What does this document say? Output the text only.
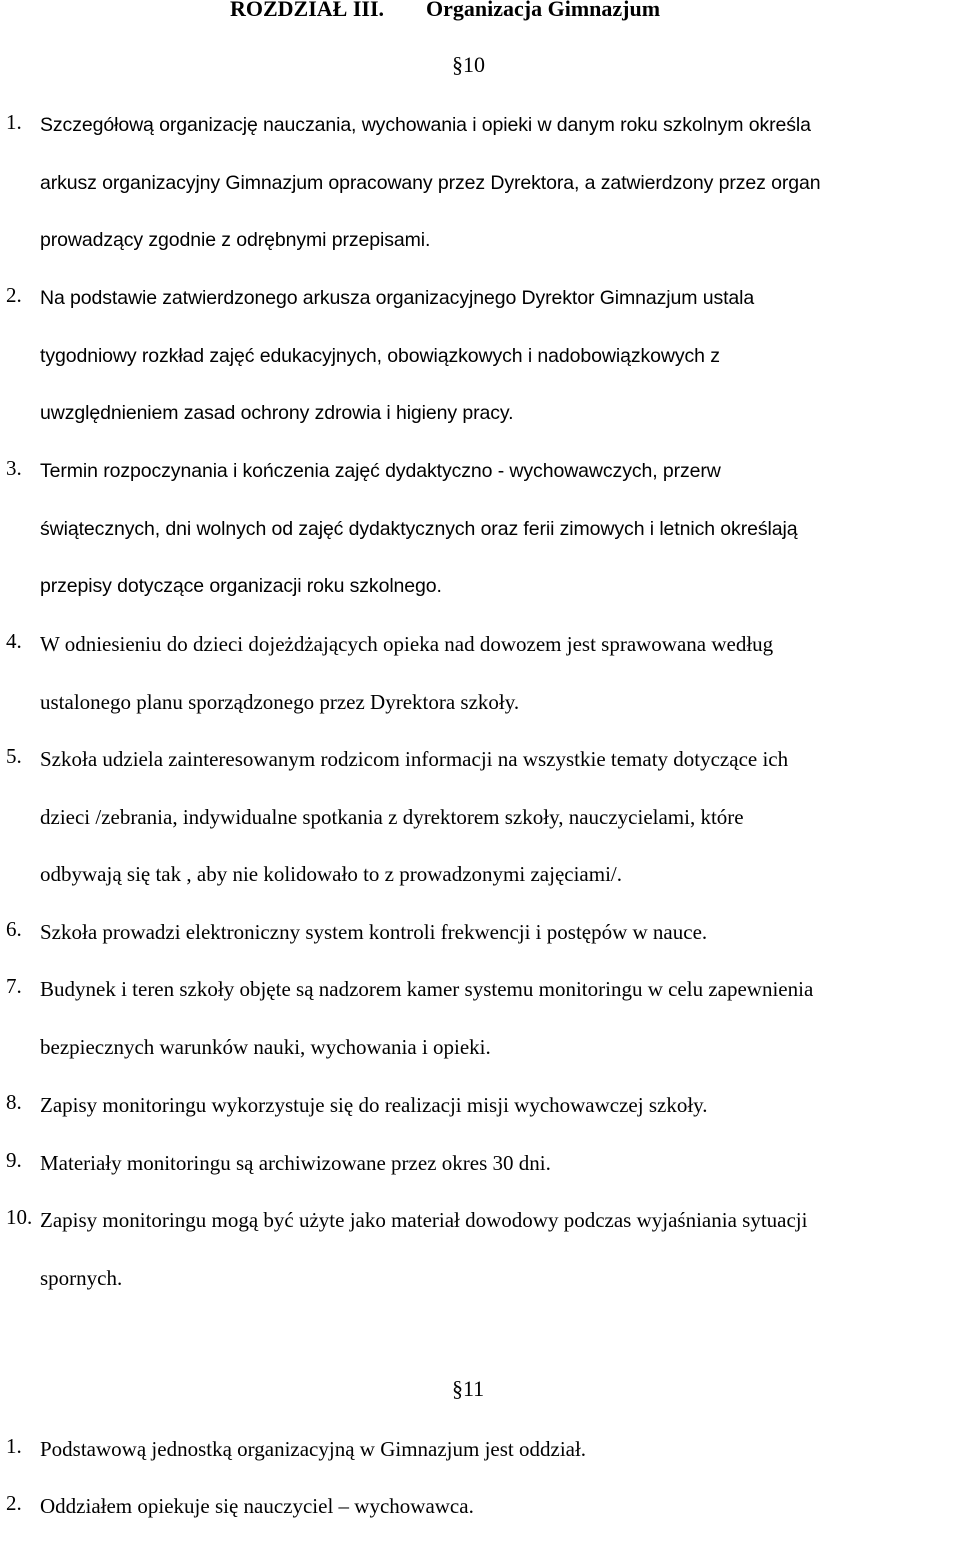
ROZDZIAŁ III. Organizacja Gimnazjum
§10
1. Szczegółową organizację nauczania, wychowania i opieki w danym roku szkolnym określa
arkusz organizacyjny Gimnazjum opracowany przez Dyrektora, a zatwierdzony przez organ
prowadzący zgodnie z odrębnymi przepisami.
2. Na podstawie zatwierdzonego arkusza organizacyjnego Dyrektor Gimnazjum ustala
tygodniowy rozkład zajęć edukacyjnych, obowiązkowych i nadobowiązkowych z
uwzględnieniem zasad ochrony zdrowia i higieny pracy.
3. Termin rozpoczynania i kończenia zajęć dydaktyczno - wychowawczych, przerw
świątecznych, dni wolnych od zajęć dydaktycznych oraz ferii zimowych i letnich określają
przepisy dotyczące organizacji roku szkolnego.
4. W odniesieniu do dzieci dojeżdżających opieka nad dowozem jest sprawowana według
ustalonego planu sporządzonego przez Dyrektora szkoły.
5. Szkoła udziela zainteresowanym rodzicom informacji na wszystkie tematy dotyczące ich
dzieci /zebrania, indywidualne spotkania z dyrektorem szkoły, nauczycielami, które
odbywają się tak , aby nie kolidowało to z prowadzonymi zajęciami/.
6. Szkoła prowadzi elektroniczny system kontroli frekwencji i postępów w nauce.
7. Budynek i teren szkoły objęte są nadzorem kamer systemu monitoringu w celu zapewnienia
bezpiecznych warunków nauki, wychowania i opieki.
8. Zapisy monitoringu wykorzystuje się do realizacji misji wychowawczej szkoły.
9. Materiały monitoringu są archiwizowane przez okres 30 dni.
10. Zapisy monitoringu mogą być użyte jako materiał dowodowy podczas wyjaśniania sytuacji
spornych.
§11
1. Podstawową jednostką organizacyjną w Gimnazjum jest oddział.
2. Oddziałem opiekuje się nauczyciel – wychowawca.
